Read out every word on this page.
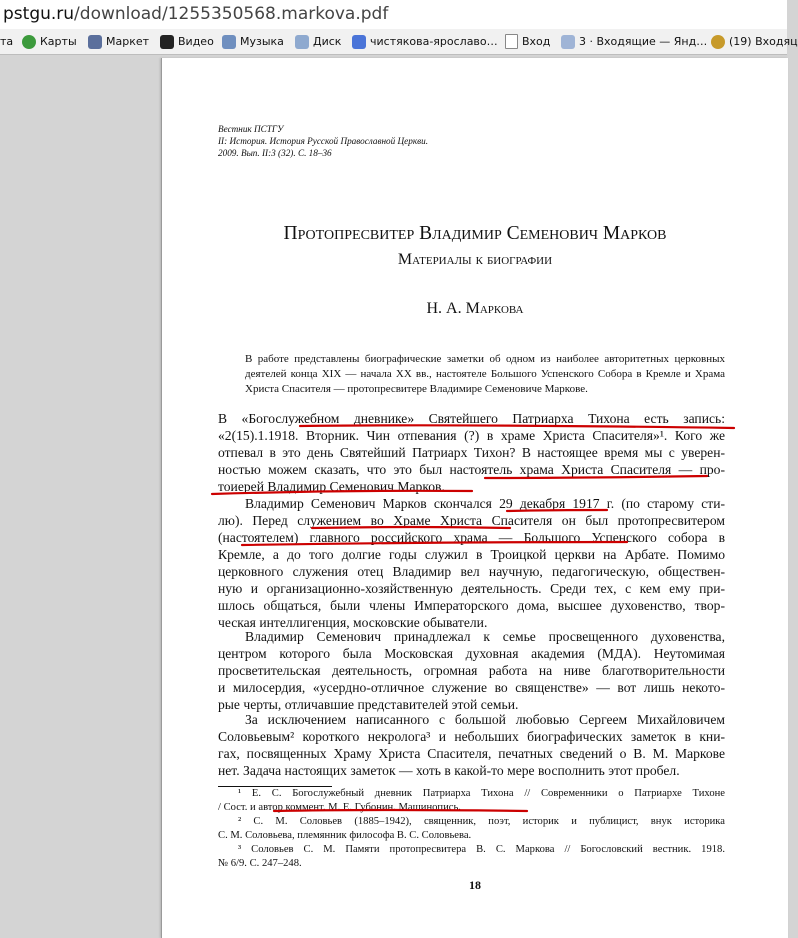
pstgu.ru/download/1255350568.markova.pdf
та Карты	Маркет	Видео Музыка	Диск	чистякова-ярославо… Вход	3 · Входящие — Янд… (19) Входяц
Вестник ПСТГУ
II: История. История Русской Православной Церкви.
2009. Вып. II:3 (32). С. 18–36
Протопресвитер Владимир Семенович Марков
Материалы к биографии
Н. А. Маркова
В работе представлены биографические заметки об одном из наиболее авторитетных церковных деятелей конца XIX — начала XX вв., настоятеле Большого Успенского Собора в Кремле и Храма Христа Спасителя — протопресвитере Владимире Семеновиче Маркове.
В «Богослужебном дневнике» Святейшего Патриарха Тихона есть запись:
«2(15).1.1918. Вторник. Чин отпевания (?) в храме Христа Спасителя»¹. Кого же
отпевал в это день Святейший Патриарх Тихон? В настоящее время мы с уверен-
ностью можем сказать, что это был настоятель храма Христа Спасителя — про-
тоиерей Владимир Семенович Марков.
Владимир Семенович Марков скончался 29 декабря 1917 г. (по старому сти-
лю). Перед служением во Храме Христа Спасителя он был протопресвитером
(настоятелем) главного российского храма — Большого Успенского собора в
Кремле, а до того долгие годы служил в Троицкой церкви на Арбате. Помимо
церковного служения отец Владимир вел научную, педагогическую, обществен-
ную и организационно-хозяйственную деятельность. Среди тех, с кем ему при-
шлось общаться, были члены Императорского дома, высшее духовенство, твор-
ческая интеллигенция, московские обыватели.
Владимир Семенович принадлежал к семье просвещенного духовенства,
центром которого была Московская духовная академия (МДА). Неутомимая
просветительская деятельность, огромная работа на ниве благотворительности
и милосердия, «усердно-отличное служение во священстве» — вот лишь некото-
рые черты, отличавшие представителей этой семьи.
За исключением написанного с большой любовью Сергеем Михайловичем
Соловьевым² короткого некролога³ и небольших биографических заметок в кни-
гах, посвященных Храму Христа Спасителя, печатных сведений о В. М. Маркове
нет. Задача настоящих заметок — хоть в какой-то мере восполнить этот пробел.
¹ Е. С. Богослужебный дневник Патриарха Тихона // Современники о Патриархе Тихоне
/ Сост. и автор коммент. М. Е. Губонин. Машинопись.
² С. М. Соловьев (1885–1942), священник, поэт, историк и публицист, внук историка
С. М. Соловьева, племянник философа В. С. Соловьева.
³ Соловьев С. М. Памяти протопресвитера В. С. Маркова // Богословский вестник. 1918.
№ 6/9. С. 247–248.
18
